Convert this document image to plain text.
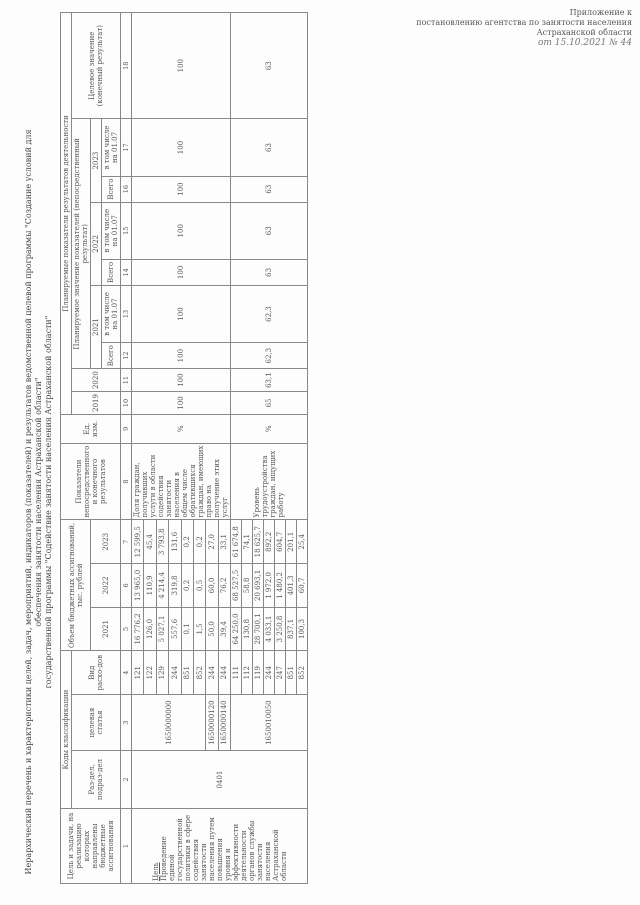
Приложение к
постановлению агентства по занятости населения
Астраханской области
от 15.10.2021 № 44
Иерархический перечень и характеристики целей, задач, мероприятий, индикаторов (показателей) и результатов ведомственной целевой программы "Создание условий для обеспечения занятости населения Астраханской области" государственной программы "Содействие занятости населения Астраханской области"
Цель и задачи, на реализацию которых направлены бюджетные ассигнования	Коды классификации			Объем бюджетных ассигнований, тыс. рублей			Показатели непосредственного и конечного результатов	Ед. изм.	Планируемые показатели результатов деятельности								
	Раз-дел, подраз-дел	целевая статья	Вид расхо-дов						2019	2020	Планируемое значение показателей (непосредственный результат)						Целевое значение (конечный результат)
				2021	2022	2023					2021		2022		2023		
											Всего	в том числе на 01.07	Всего	в том числе на 01.07	Всего	в том числе на 01.07	
1	2	3	4	5	6	7	8	9	10	11	12	13	14	15	16	17	18

Цель Проведение единой государственной политики в сфере содействия занятости населения путем повышения уровня и эффективности деятельности органов службы занятости населения Астраханской области	0401	1650000000	121	16 776,2	13 965,0	12 599,5	Доля граждан, получивших услуги в области содействия занятости населения в общем числе обратившихся граждан, имеющих право на получение этих услуг	%	100	100	100	100	100	100	100	100	100
			122	126,0	110,9	45,4											
			129	5 027,1	4 214,4	3 793,8											
			244	557,6	319,8	131,6											
			851	0,1	0,2	0,2											
			852	1,5	0,5	0,2											
		1650000120	244	50,0	60,0	27,0											
		1650000140	244	39,4	76,2	33,1											
		1650010050	111	64 250,0	68 527,5	61 674,8	Уровень трудоустройства граждан, ищущих работу	%	65	63,1	62,3	62,3	63	63	63	63	63
			112	130,8	58,8	74,1											
			119	28 700,1	20 693,1	18 625,7											
			244	4 033,1	1 972,0	892,2											
			247	3 250,8	1 480,2	604,7											
			851	837,1	401,3	201,1											
			852	100,3	60,7	25,4											
